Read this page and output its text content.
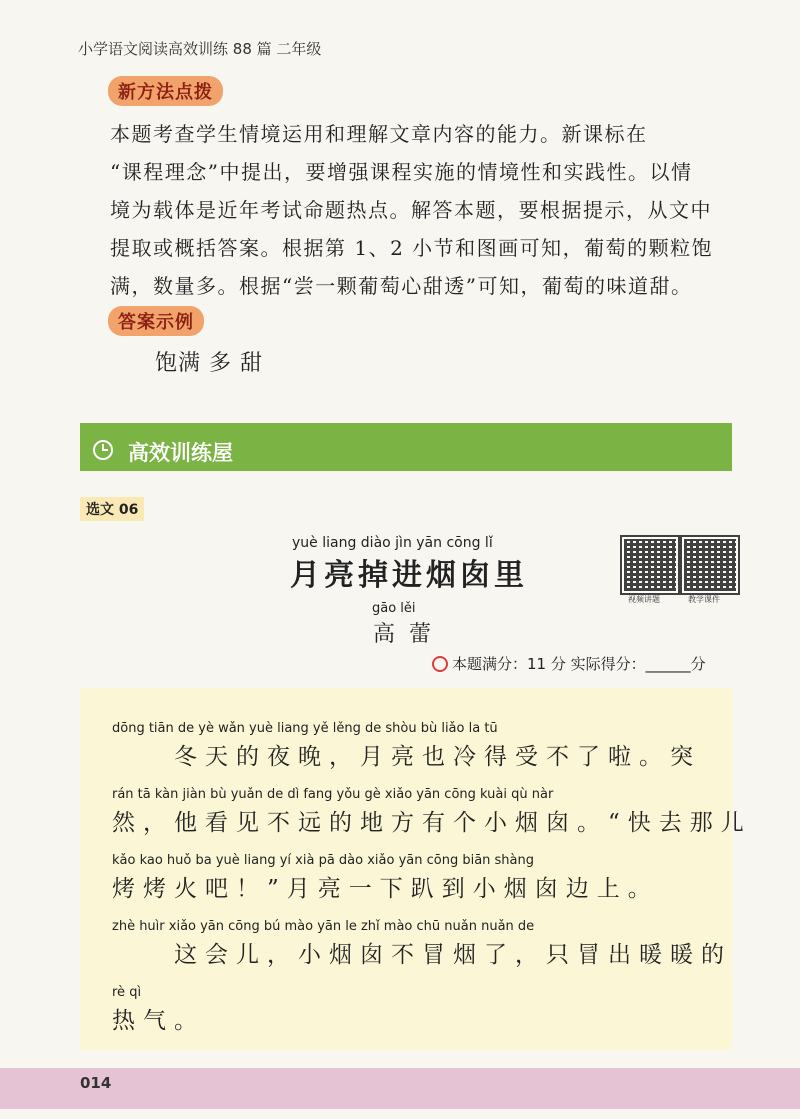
小学语文阅读高效训练 88 篇 二年级
新方法点拨
本题考查学生情境运用和理解文章内容的能力。新课标在
“课程理念”中提出，要增强课程实施的情境性和实践性。以情
境为载体是近年考试命题热点。解答本题，要根据提示，从文中
提取或概括答案。根据第 1、2 小节和图画可知，葡萄的颗粒饱
满，数量多。根据“尝一颗葡萄心甜透”可知，葡萄的味道甜。
答案示例
饱满 多 甜
高效训练屋
选文 06
yuè liang diào jìn yān cōng lǐ
月亮掉进烟囱里
gāo lěi
高蕾
视频讲题	教学课件
本题满分：11 分 实际得分：______分
dōng tiān de yè wǎn yuè liang yě lěng de shòu bù liǎo la tū
　　冬天的夜晚，月亮也冷得受不了啦。突
rán tā kàn jiàn bù yuǎn de dì fang yǒu gè xiǎo yān cōng kuài qù nàr
然，他看见不远的地方有个小烟囱。“快去那儿
kǎo kao huǒ ba yuè liang yí xià pā dào xiǎo yān cōng biān shàng
烤烤火吧！”月亮一下趴到小烟囱边上。
zhè huìr xiǎo yān cōng bú mào yān le zhǐ mào chū nuǎn nuǎn de
　　这会儿，小烟囱不冒烟了，只冒出暖暖的
rè qì
热气。
014
